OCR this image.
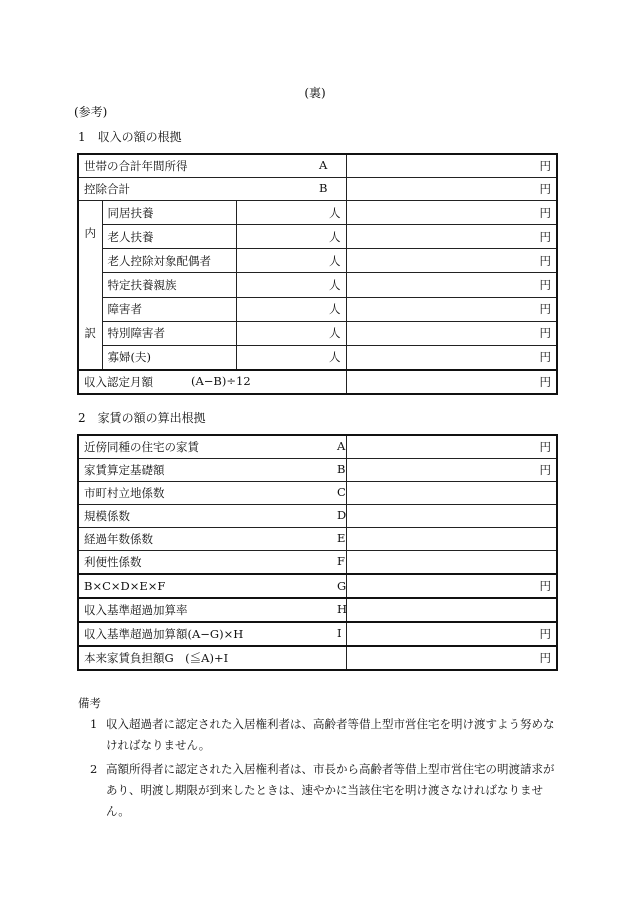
(裏)
(参考)
1　収入の額の根拠
世帯の合計年間所得 A			円
控除合計 B			円

内
訳	同居扶養	人	円
	老人扶養	人	円
	老人控除対象配偶者	人	円
	特定扶養親族	人	円
	障害者	人	円
	特別障害者	人	円
	寡婦(夫)	人	円
収入認定月額 (A−B)÷12			円
2　家賃の額の算出根拠
近傍同種の住宅の家賃 A	円
家賃算定基礎額 B	円
市町村立地係数 C	

規模係数 D	

経過年数係数 E	

利便性係数 F	

B×C×D×E×F G	円
収入基準超過加算率 H	

収入基準超過加算額(A−G)×H I	円
本来家賃負担額G　(≦A)+I	円
備考
1 収入超過者に認定された入居権利者は、高齢者等借上型市営住宅を明け渡すよう努めなければなりません。
2 高額所得者に認定された入居権利者は、市長から高齢者等借上型市営住宅の明渡請求があり、明渡し期限が到来したときは、速やかに当該住宅を明け渡さなければなりません。
